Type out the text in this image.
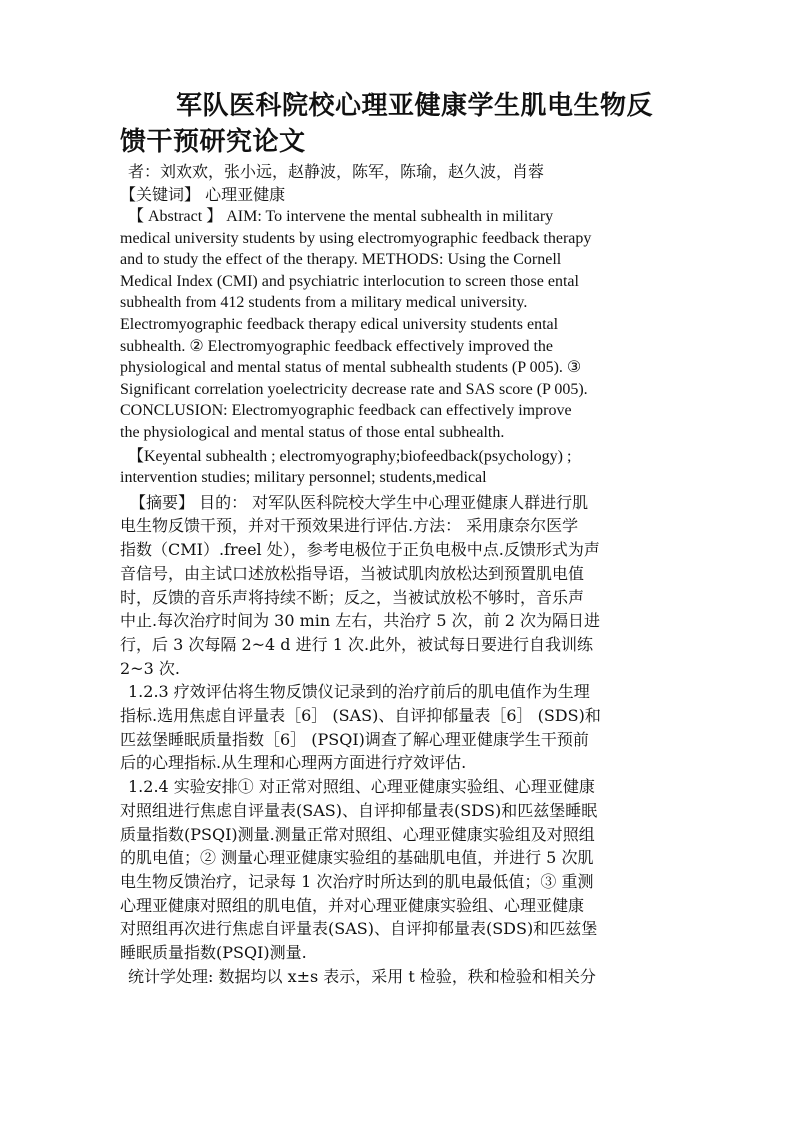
军队医科院校心理亚健康学生肌电生物反
馈干预研究论文
者：刘欢欢，张小远，赵静波，陈军，陈瑜，赵久波，肖蓉
【关键词】 心理亚健康
【 Abstract 】 AIM: To intervene the mental subhealth in military
medical university students by using electromyographic feedback therapy
and to study the effect of the therapy. METHODS: Using the Cornell
Medical Index (CMI) and psychiatric interlocution to screen those ental
subhealth from 412 students from a military medical university.
Electromyographic feedback therapy edical university students ental
subhealth. ② Electromyographic feedback effectively improved the
physiological and mental status of mental subhealth students (P 005). ③
Significant correlation yoelectricity decrease rate and SAS score (P 005).
CONCLUSION: Electromyographic feedback can effectively improve
the physiological and mental status of those ental subhealth.
【Keyental subhealth ; electromyography;biofeedback(psychology) ;
intervention studies; military personnel; students,medical
【摘要】 目的： 对军队医科院校大学生中心理亚健康人群进行肌
电生物反馈干预，并对干预效果进行评估.方法： 采用康奈尔医学
指数（CMI）.freel 处），参考电极位于正负电极中点.反馈形式为声
音信号，由主试口述放松指导语，当被试肌肉放松达到预置肌电值
时，反馈的音乐声将持续不断；反之，当被试放松不够时，音乐声
中止.每次治疗时间为 30 min 左右，共治疗 5 次，前 2 次为隔日进
行，后 3 次每隔 2~4 d 进行 1 次.此外，被试每日要进行自我训练
2~3 次.
1.2.3 疗效评估将生物反馈仪记录到的治疗前后的肌电值作为生理
指标.选用焦虑自评量表［6］ (SAS)、自评抑郁量表［6］ (SDS)和
匹兹堡睡眠质量指数［6］ (PSQI)调查了解心理亚健康学生干预前
后的心理指标.从生理和心理两方面进行疗效评估.
1.2.4 实验安排① 对正常对照组、心理亚健康实验组、心理亚健康
对照组进行焦虑自评量表(SAS)、自评抑郁量表(SDS)和匹兹堡睡眠
质量指数(PSQI)测量.测量正常对照组、心理亚健康实验组及对照组
的肌电值；② 测量心理亚健康实验组的基础肌电值，并进行 5 次肌
电生物反馈治疗，记录每 1 次治疗时所达到的肌电最低值；③ 重测
心理亚健康对照组的肌电值，并对心理亚健康实验组、心理亚健康
对照组再次进行焦虑自评量表(SAS)、自评抑郁量表(SDS)和匹兹堡
睡眠质量指数(PSQI)测量.
统计学处理: 数据均以 x±s 表示，采用 t 检验，秩和检验和相关分
